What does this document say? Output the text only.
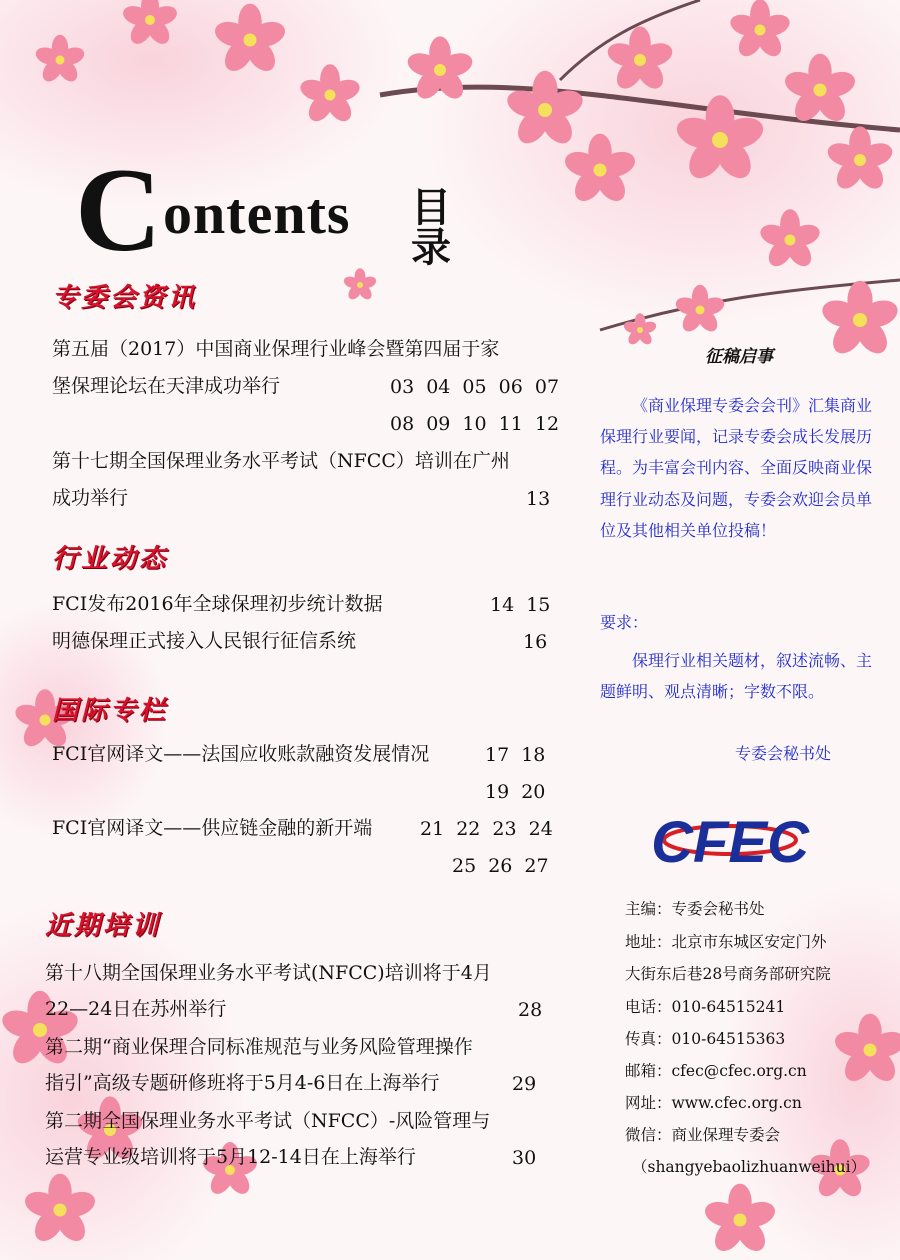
C ontents 目录
专委会资讯
行业动态
国际专栏
近期培训
第五届（2017）中国商业保理行业峰会暨第四届于家
堡保理论坛在天津成功举行	03 04 05 06 07
08 09 10 11 12
第十七期全国保理业务水平考试（NFCC）培训在广州
成功举行	13
FCI发布2016年全球保理初步统计数据	14 15
明德保理正式接入人民银行征信系统	16
FCI官网译文——法国应收账款融资发展情况	17 18
19 20
FCI官网译文——供应链金融的新开端	21 22 23 24
25 26 27
第十八期全国保理业务水平考试(NFCC)培训将于4月
22—24日在苏州举行	28
第二期“商业保理合同标准规范与业务风险管理操作
指引”高级专题研修班将于5月4-6日在上海举行	29
第二期全国保理业务水平考试（NFCC）-风险管理与
运营专业级培训将于5月12-14日在上海举行	30
征稿启事

《商业保理专委会会刊》汇集商业保理行业要闻，记录专委会成长发展历程。为丰富会刊内容、全面反映商业保理行业动态及问题，专委会欢迎会员单位及其他相关单位投稿！

要求：

保理行业相关题材，叙述流畅、主题鲜明、观点清晰；字数不限。

专委会秘书处
CFEC
主编：专委会秘书处
地址：北京市东城区安定门外
大街东后巷28号商务部研究院
电话：010-64515241
传真：010-64515363
邮箱：cfec@cfec.org.cn
网址：www.cfec.org.cn
微信：商业保理专委会
（shangyebaolizhuanweihui）
